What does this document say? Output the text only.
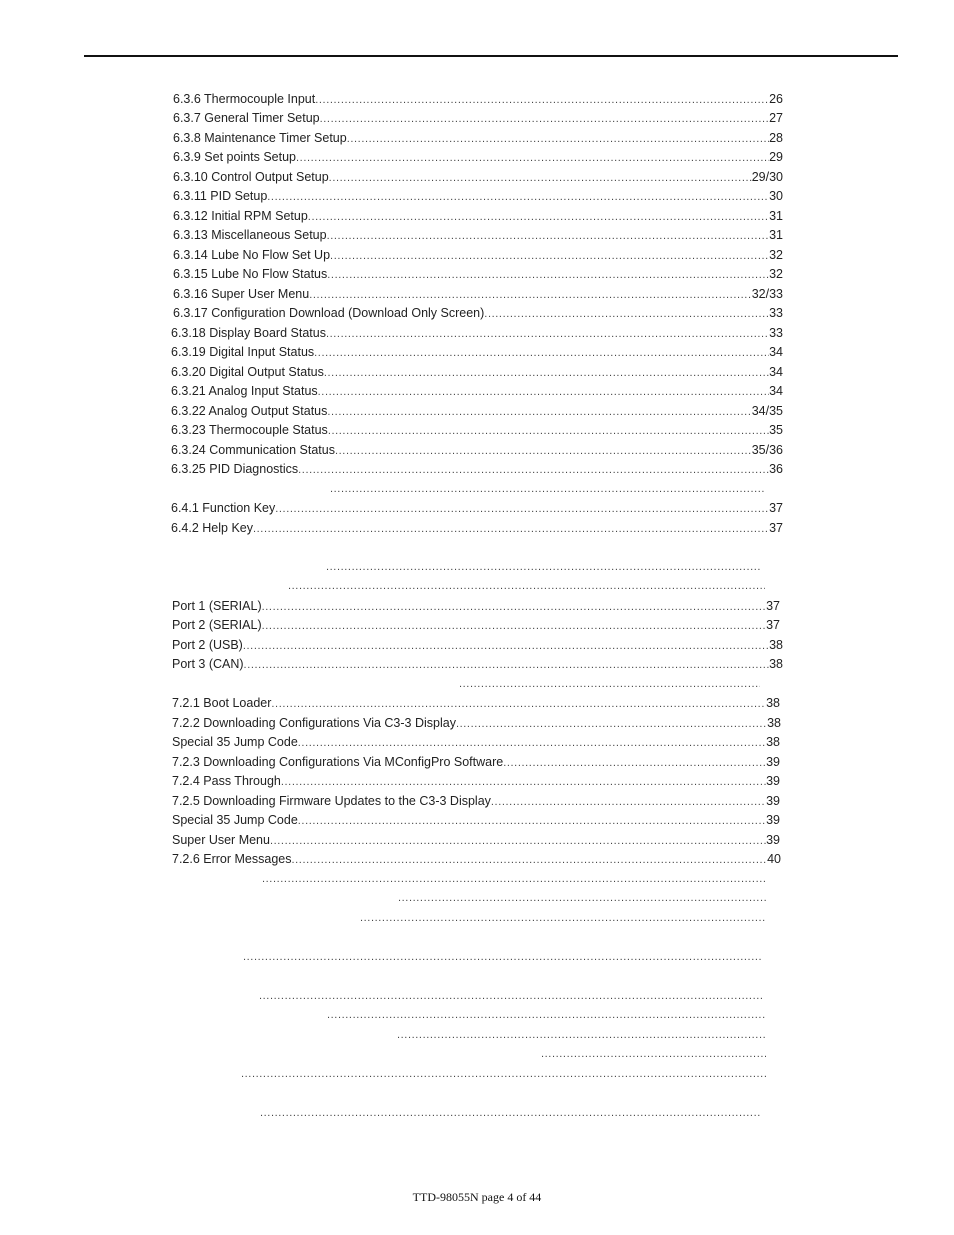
6.3.6 Thermocouple Input .....	26
6.3.7 General Timer Setup .....	27
6.3.8 Maintenance Timer Setup .....	28
6.3.9 Set points Setup .....	29
6.3.10 Control Output Setup .....	29/30
6.3.11 PID Setup .....	30
6.3.12 Initial RPM Setup .....	31
6.3.13 Miscellaneous Setup .....	31
6.3.14 Lube No Flow Set Up .....	32
6.3.15 Lube No Flow Status .....	32
6.3.16 Super User Menu .....	32/33
6.3.17 Configuration Download (Download Only Screen) .....	33
6.3.18 Display Board Status .....	33
6.3.19 Digital Input Status .....	34
6.3.20 Digital Output Status .....	34
6.3.21 Analog Input Status .....	34
6.3.22 Analog Output Status .....	34/35
6.3.23 Thermocouple Status .....	35
6.3.24 Communication Status .....	35/36
6.3.25 PID Diagnostics .....	36
.....
6.4.1 Function Key .....	37
6.4.2 Help Key .....	37
.....
.....
Port 1 (SERIAL) .....	37
Port 2 (SERIAL) .....	37
Port 2 (USB) .....	38
Port 3 (CAN) .....	38
.....
7.2.1 Boot Loader .....	38
7.2.2 Downloading Configurations Via C3-3 Display .....	38
Special 35 Jump Code .....	38
7.2.3 Downloading Configurations Via MConfigPro Software .....	39
7.2.4 Pass Through .....	39
7.2.5 Downloading Firmware Updates to the C3-3 Display .....	39
Special 35 Jump Code .....	39
Super User Menu .....	39
7.2.6 Error Messages .....	40
.....
.....
.....
.....
.....
.....
.....
.....
.....
.....
TTD-98055N page 4 of 44
